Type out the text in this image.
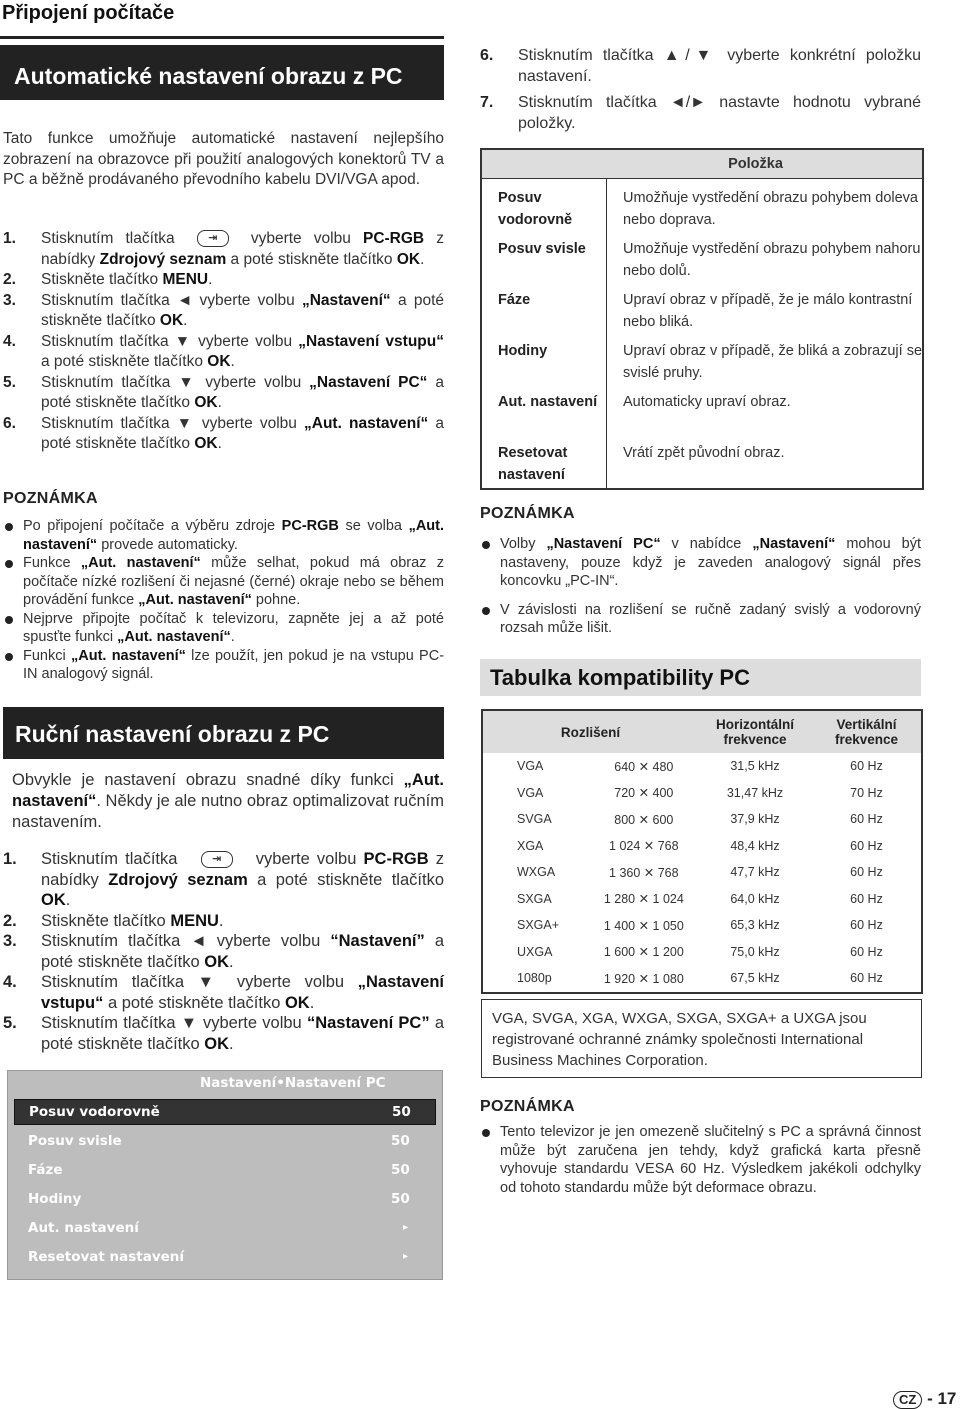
Připojení počítače
Automatické nastavení obrazu z PC
Tato funkce umožňuje automatické nastavení nejlepšího zobrazení na obrazovce při použití analogových konektorů TV a PC a běžně prodávaného převodního kabelu DVI/VGA apod.
1. Stisknutím tlačítka	⇥ vyberte volbu PC-RGB z nabídky Zdrojový seznam a poté stiskněte tlačítko OK.
2. Stiskněte tlačítko MENU.
3. Stisknutím tlačítka ◄ vyberte volbu „Nastavení“ a poté stiskněte tlačítko OK.
4. Stisknutím tlačítka ▼ vyberte volbu „Nastavení vstupu“ a poté stiskněte tlačítko OK.
5. Stisknutím tlačítka ▼ vyberte volbu „Nastavení PC“ a poté stiskněte tlačítko OK.
6. Stisknutím tlačítka ▼ vyberte volbu „Aut. nastavení“ a poté stiskněte tlačítko OK.
POZNÁMKA
Po připojení počítače a výběru zdroje PC-RGB se volba „Aut. nastavení“ provede automaticky.
Funkce „Aut. nastavení“ může selhat, pokud má obraz z počítače nízké rozlišení či nejasné (černé) okraje nebo se během provádění funkce „Aut. nastavení“ pohne.
Nejprve připojte počítač k televizoru, zapněte jej a až poté spusťte funkci „Aut. nastavení“.
Funkci „Aut. nastavení“ lze použít, jen pokud je na vstupu PC-IN analogový signál.
Ruční nastavení obrazu z PC
Obvykle je nastavení obrazu snadné díky funkci „Aut. nastavení“. Někdy je ale nutno obraz optimalizovat ručním nastavením.
1. Stisknutím tlačítka	⇥ vyberte volbu PC-RGB z nabídky Zdrojový seznam a poté stiskněte tlačítko OK.
2. Stiskněte tlačítko MENU.
3. Stisknutím tlačítka ◄ vyberte volbu “Nastavení” a poté stiskněte tlačítko OK.
4. Stisknutím tlačítka ▼ vyberte volbu „Nastavení vstupu“ a poté stiskněte tlačítko OK.
5. Stisknutím tlačítka ▼ vyberte volbu “Nastavení PC” a poté stiskněte tlačítko OK.
Nastavení•Nastavení PC
Posuv vodorovně	50
Posuv svisle	50
Fáze	50
Hodiny	50
Aut. nastavení	▸
Resetovat nastavení	▸
6. Stisknutím tlačítka ▲/▼ vyberte konkrétní položku nastavení.
7. Stisknutím tlačítka ◄/► nastavte hodnotu vybrané položky.
Položka	
Posuv vodorovně	Umožňuje vystředění obrazu pohybem doleva nebo doprava.
Posuv svisle	Umožňuje vystředění obrazu pohybem nahoru nebo dolů.
Fáze	Upraví obraz v případě, že je málo kontrastní nebo bliká.
Hodiny	Upraví obraz v případě, že bliká a zobrazují se svislé pruhy.
Aut. nastavení	Automaticky upraví obraz.
Resetovat nastavení	Vrátí zpět původní obraz.
POZNÁMKA
Volby „Nastavení PC“ v nabídce „Nastavení“ mohou být nastaveny, pouze když je zaveden analogový signál přes koncovku „PC-IN“.
V závislosti na rozlišení se ručně zadaný svislý a vodorovný rozsah může lišit.
Tabulka kompatibility PC
Rozlišení		Horizontální frekvence	Vertikální frekvence
VGA	640 ✕ 480	31,5 kHz	60 Hz
VGA	720 ✕ 400	31,47 kHz	70 Hz
SVGA	800 ✕ 600	37,9 kHz	60 Hz
XGA	1 024 ✕ 768	48,4 kHz	60 Hz
WXGA	1 360 ✕ 768	47,7 kHz	60 Hz
SXGA	1 280 ✕ 1 024	64,0 kHz	60 Hz
SXGA+	1 400 ✕ 1 050	65,3 kHz	60 Hz
UXGA	1 600 ✕ 1 200	75,0 kHz	60 Hz
1080p	1 920 ✕ 1 080	67,5 kHz	60 Hz
VGA, SVGA, XGA, WXGA, SXGA, SXGA+ a UXGA jsou registrované ochranné známky společnosti International Business Machines Corporation.
POZNÁMKA
Tento televizor je jen omezeně slučitelný s PC a správná činnost může být zaručena jen tehdy, když grafická karta přesně vyhovuje standardu VESA 60 Hz. Výsledkem jakékoli odchylky od tohoto standardu může být deformace obrazu.
CZ - 17
